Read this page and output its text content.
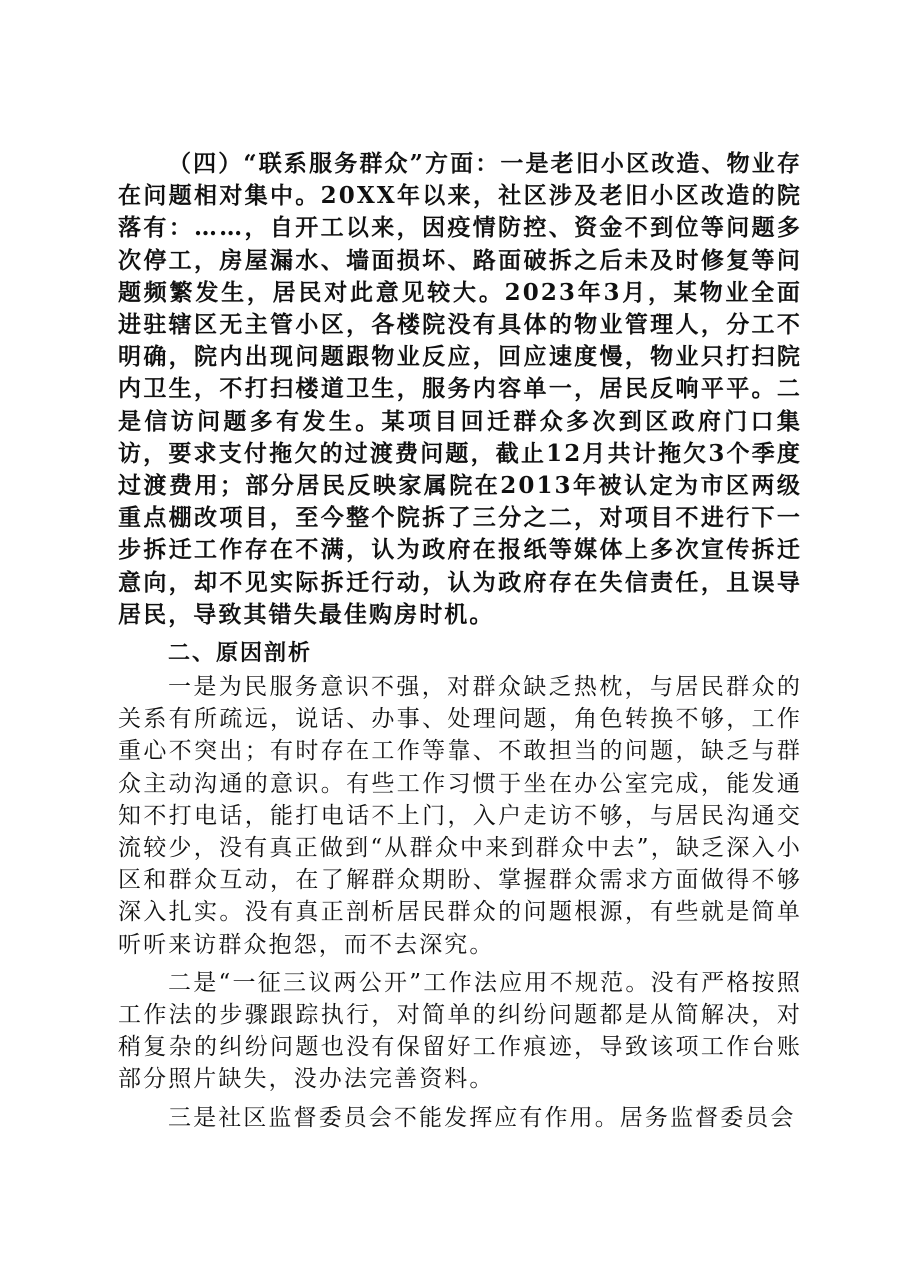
（四）“联系服务群众”方面：一是老旧小区改造、物业存在问题相对集中。20XX年以来，社区涉及老旧小区改造的院落有：……，自开工以来，因疫情防控、资金不到位等问题多次停工，房屋漏水、墙面损坏、路面破拆之后未及时修复等问题频繁发生，居民对此意见较大。2023年3月，某物业全面进驻辖区无主管小区，各楼院没有具体的物业管理人，分工不明确，院内出现问题跟物业反应，回应速度慢，物业只打扫院内卫生，不打扫楼道卫生，服务内容单一，居民反响平平。二是信访问题多有发生。某项目回迁群众多次到区政府门口集访，要求支付拖欠的过渡费问题，截止12月共计拖欠3个季度过渡费用；部分居民反映家属院在2013年被认定为市区两级重点棚改项目，至今整个院拆了三分之二，对项目不进行下一步拆迁工作存在不满，认为政府在报纸等媒体上多次宣传拆迁意向，却不见实际拆迁行动，认为政府存在失信责任，且误导居民，导致其错失最佳购房时机。

二、原因剖析

一是为民服务意识不强，对群众缺乏热枕，与居民群众的关系有所疏远，说话、办事、处理问题，角色转换不够，工作重心不突出；有时存在工作等靠、不敢担当的问题，缺乏与群众主动沟通的意识。有些工作习惯于坐在办公室完成，能发通知不打电话，能打电话不上门，入户走访不够，与居民沟通交流较少，没有真正做到“从群众中来到群众中去”，缺乏深入小区和群众互动，在了解群众期盼、掌握群众需求方面做得不够深入扎实。没有真正剖析居民群众的问题根源，有些就是简单听听来访群众抱怨，而不去深究。

二是“一征三议两公开”工作法应用不规范。没有严格按照工作法的步骤跟踪执行，对简单的纠纷问题都是从简解决，对稍复杂的纠纷问题也没有保留好工作痕迹，导致该项工作台账部分照片缺失，没办法完善资料。

三是社区监督委员会不能发挥应有作用。居务监督委员会
